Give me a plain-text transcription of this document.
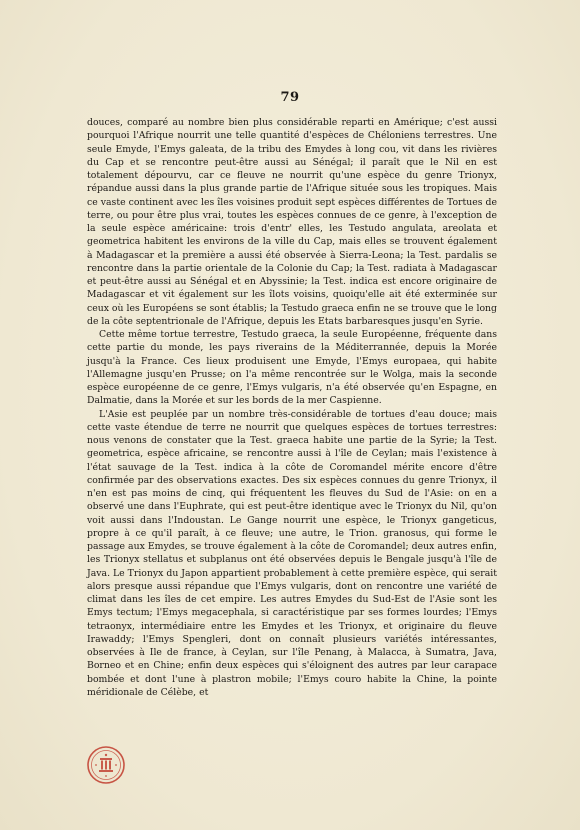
79

douces, comparé au nombre bien plus considérable reparti en Amérique; c'est aussi pourquoi l'Afrique nourrit une telle quantité d'espèces de Chéloniens terrestres. Une seule Emyde, l'Emys galeata, de la tribu des Emydes à long cou, vit dans les rivières du Cap et se rencontre peut-être aussi au Sénégal; il paraît que le Nil en est totalement dépourvu, car ce fleuve ne nourrit qu'une espèce du genre Trionyx, répandue aussi dans la plus grande partie de l'Afrique située sous les tropiques. Mais ce vaste continent avec les îles voisines produit sept espèces différentes de Tortues de terre, ou pour être plus vrai, toutes les espèces connues de ce genre, à l'exception de la seule espèce américaine: trois d'entr' elles, les Testudo angulata, areolata et geometrica habitent les environs de la ville du Cap, mais elles se trouvent également à Madagascar et la première a aussi été observée à Sierra-Leona; la Test. pardalis se rencontre dans la partie orientale de la Colonie du Cap; la Test. radiata à Madagascar et peut-être aussi au Sénégal et en Abyssinie; la Test. indica est encore originaire de Madagascar et vit également sur les îlots voisins, quoiqu'elle ait été exterminée sur ceux où les Européens se sont établis; la Testudo graeca enfin ne se trouve que le long de la côte septentrionale de l'Afrique, depuis les Etats barbaresques jusqu'en Syrie.

Cette même tortue terrestre, Testudo graeca, la seule Européenne, fréquente dans cette partie du monde, les pays riverains de la Méditerrannée, depuis la Morée jusqu'à la France. Ces lieux produisent une Emyde, l'Emys europaea, qui habite l'Allemagne jusqu'en Prusse; on l'a même rencontrée sur le Wolga, mais la seconde espèce européenne de ce genre, l'Emys vulgaris, n'a été observée qu'en Espagne, en Dalmatie, dans la Morée et sur les bords de la mer Caspienne.

L'Asie est peuplée par un nombre très-considérable de tortues d'eau douce; mais cette vaste étendue de terre ne nourrit que quelques espèces de tortues terrestres: nous venons de constater que la Test. graeca habite une partie de la Syrie; la Test. geometrica, espèce africaine, se rencontre aussi à l'île de Ceylan; mais l'existence à l'état sauvage de la Test. indica à la côte de Coromandel mérite encore d'être confirmée par des observations exactes. Des six espèces connues du genre Trionyx, il n'en est pas moins de cinq, qui fréquentent les fleuves du Sud de l'Asie: on en a observé une dans l'Euphrate, qui est peut-être identique avec le Trionyx du Nil, qu'on voit aussi dans l'Indoustan. Le Gange nourrit une espèce, le Trionyx gangeticus, propre à ce qu'il paraît, à ce fleuve; une autre, le Trion. granosus, qui forme le passage aux Emydes, se trouve également à la côte de Coromandel; deux autres enfin, les Trionyx stellatus et subplanus ont été observées depuis le Bengale jusqu'à l'île de Java. Le Trionyx du Japon appartient probablement à cette première espèce, qui serait alors presque aussi répandue que l'Emys vulgaris, dont on rencontre une variété de climat dans les îles de cet empire. Les autres Emydes du Sud-Est de l'Asie sont les Emys tectum; l'Emys megacephala, si caractéristique par ses formes lourdes; l'Emys tetraonyx, intermédiaire entre les Emydes et les Trionyx, et originaire du fleuve Irawaddy; l'Emys Spengleri, dont on connaît plusieurs variétés intéressantes, observées à Ile de france, à Ceylan, sur l'île Penang, à Malacca, à Sumatra, Java, Borneo et en Chine; enfin deux espèces qui s'éloignent des autres par leur carapace bombée et dont l'une à plastron mobile; l'Emys couro habite la Chine, la pointe méridionale de Célèbe, et
